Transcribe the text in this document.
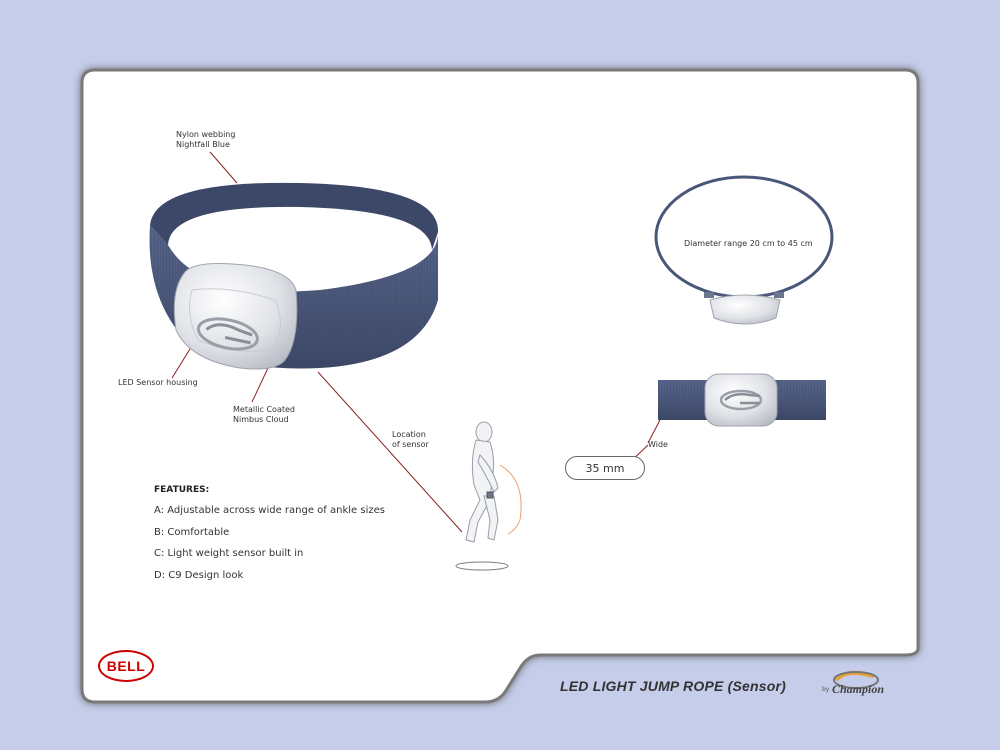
Nylon webbing
Nightfall Blue
LED Sensor housing
Metallic Coated
Nimbus Cloud
Location
of sensor
Diameter range 20 cm to 45 cm
Wide
35 mm
FEATURES:
A: Adjustable across wide range of ankle sizes
B: Comfortable
C: Light weight sensor built in
D: C9 Design look
BELL
LED LIGHT JUMP ROPE (Sensor)	by Champion
